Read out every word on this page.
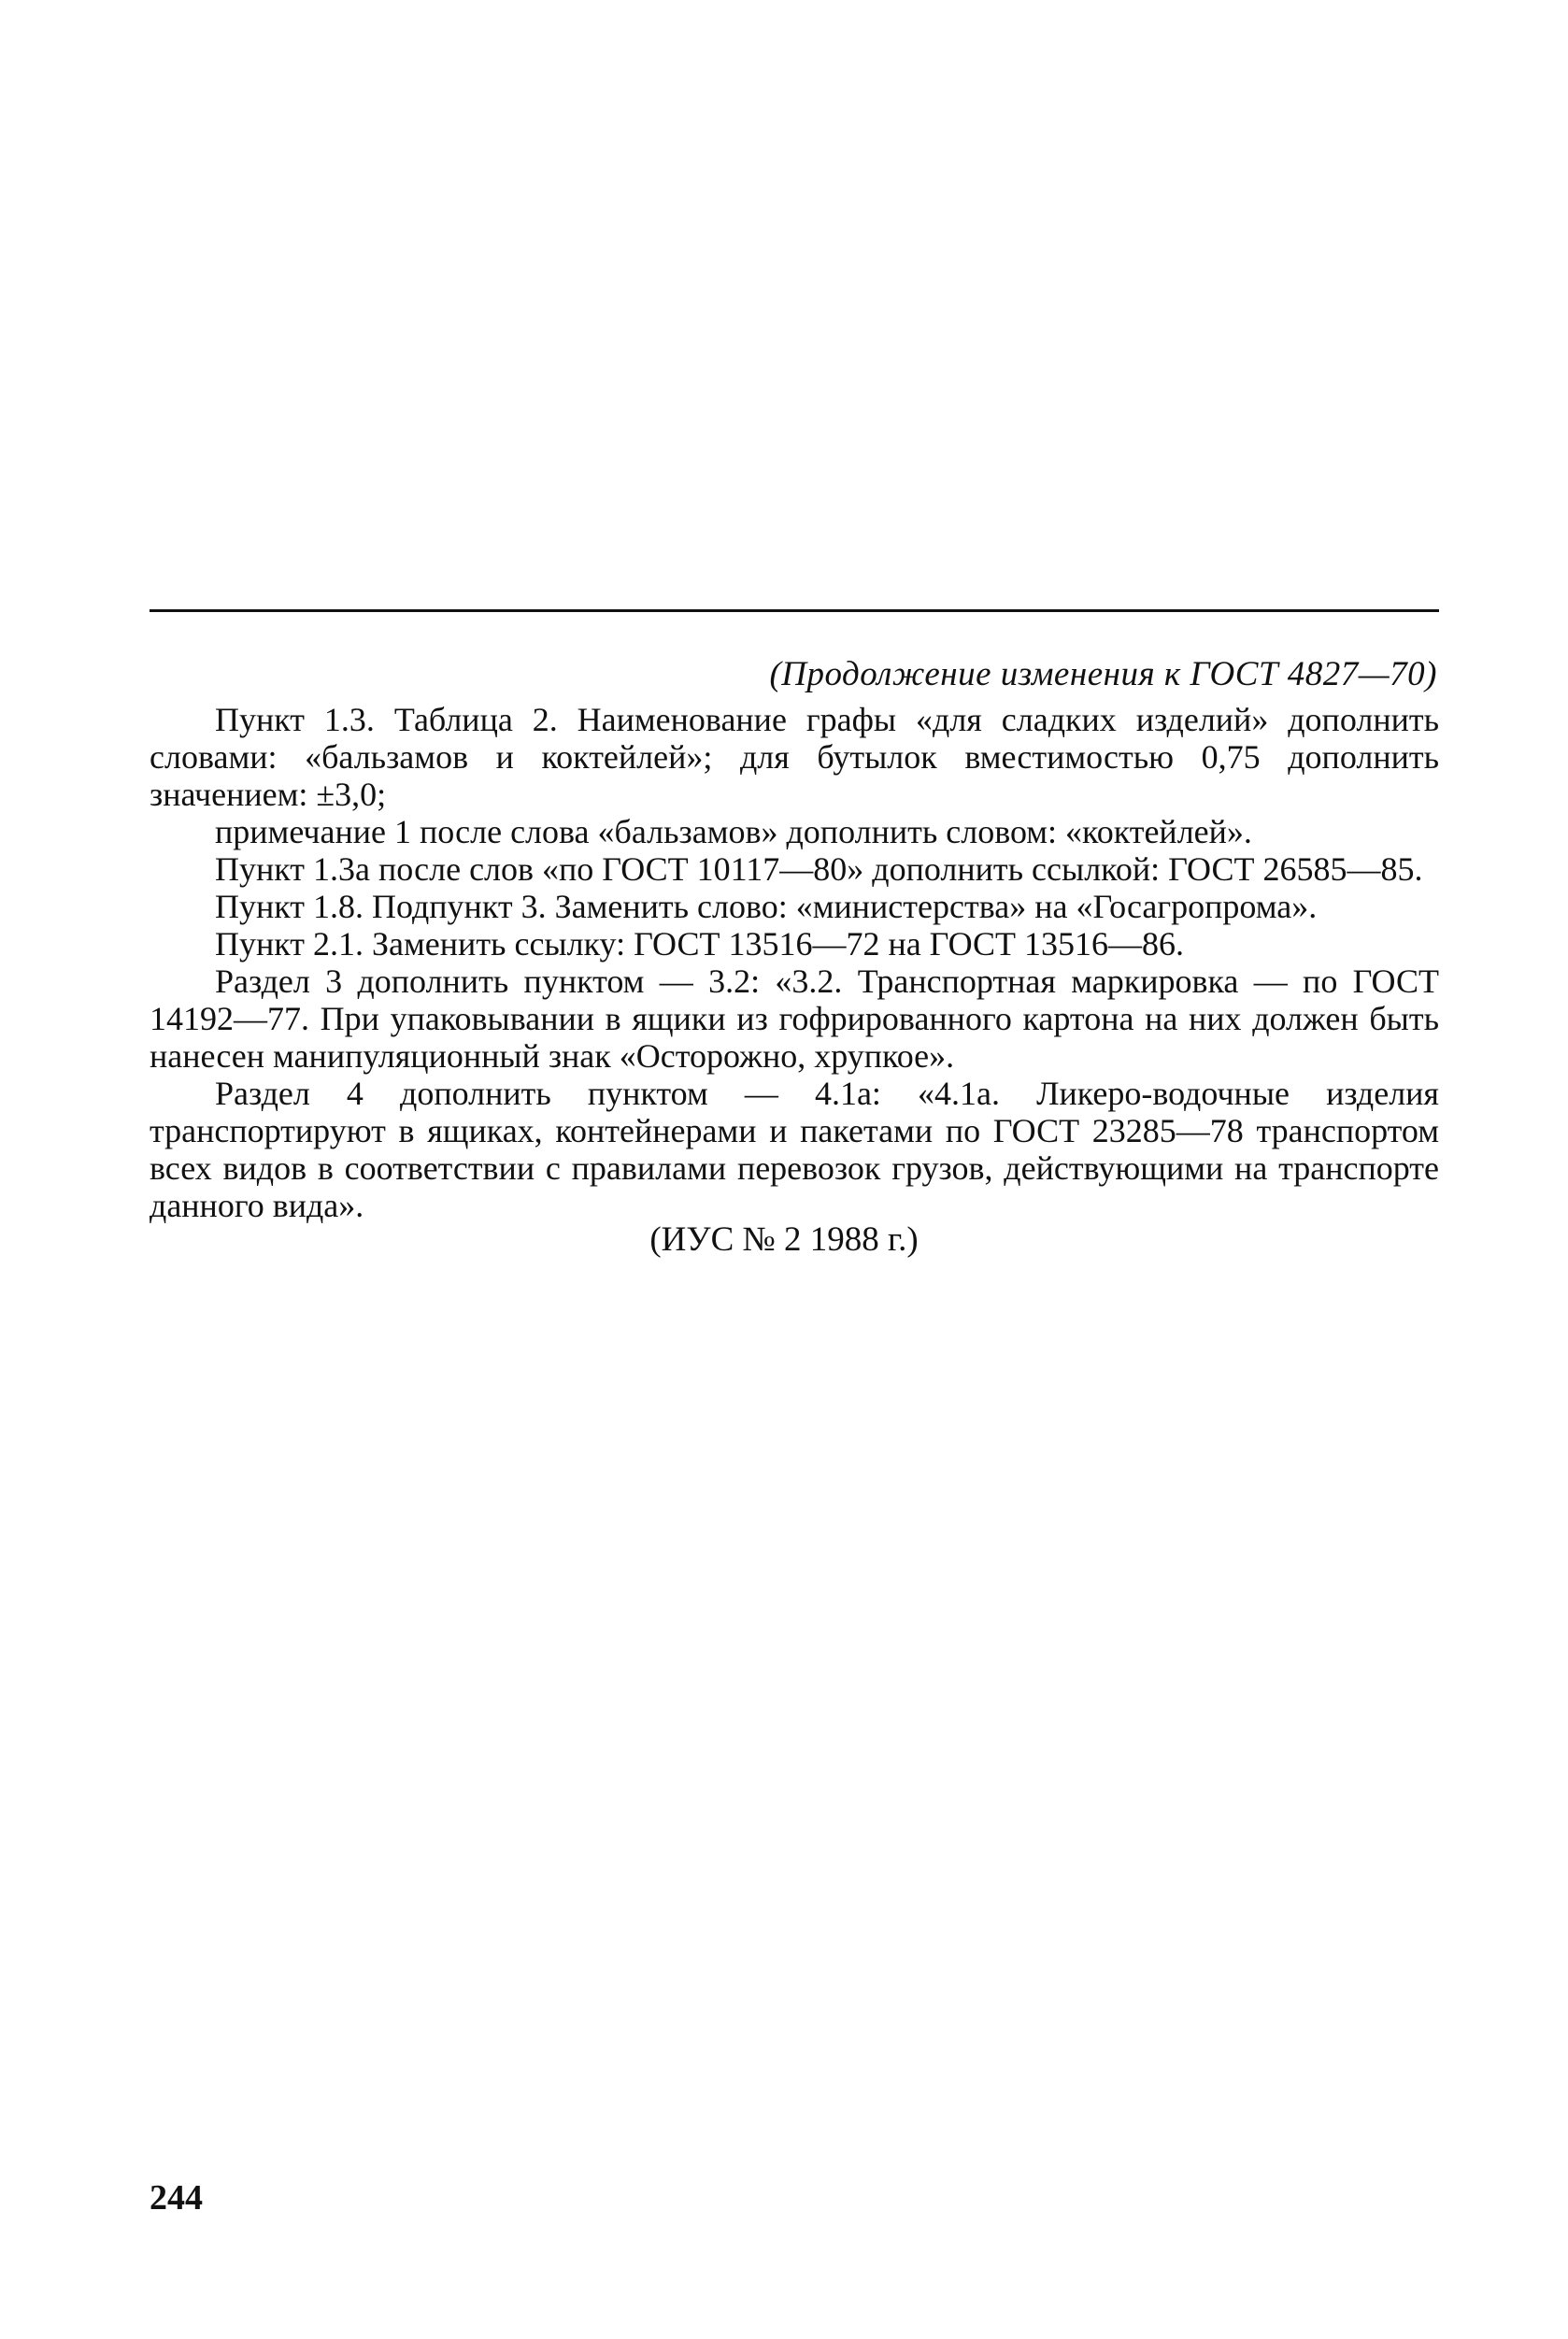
(Продолжение изменения к ГОСТ 4827—70)

Пункт 1.3. Таблица 2. Наименование графы «для сладких изделий» дополнить словами: «бальзамов и коктейлей»; для бутылок вместимостью 0,75 дополнить значением: ±3,0;

примечание 1 после слова «бальзамов» дополнить словом: «коктейлей».

Пункт 1.3а после слов «по ГОСТ 10117—80» дополнить ссылкой: ГОСТ 26585—85.

Пункт 1.8. Подпункт 3. Заменить слово: «министерства» на «Госагропрома».

Пункт 2.1. Заменить ссылку: ГОСТ 13516—72 на ГОСТ 13516—86.

Раздел 3 дополнить пунктом — 3.2: «3.2. Транспортная маркировка — по ГОСТ 14192—77. При упаковывании в ящики из гофрированного картона на них должен быть нанесен манипуляционный знак «Осторожно, хрупкое».

Раздел 4 дополнить пунктом — 4.1а: «4.1а. Ликеро-водочные изделия транспортируют в ящиках, контейнерами и пакетами по ГОСТ 23285—78 транспортом всех видов в соответствии с правилами перевозок грузов, действующими на транспорте данного вида».

(ИУС № 2 1988 г.)
244
